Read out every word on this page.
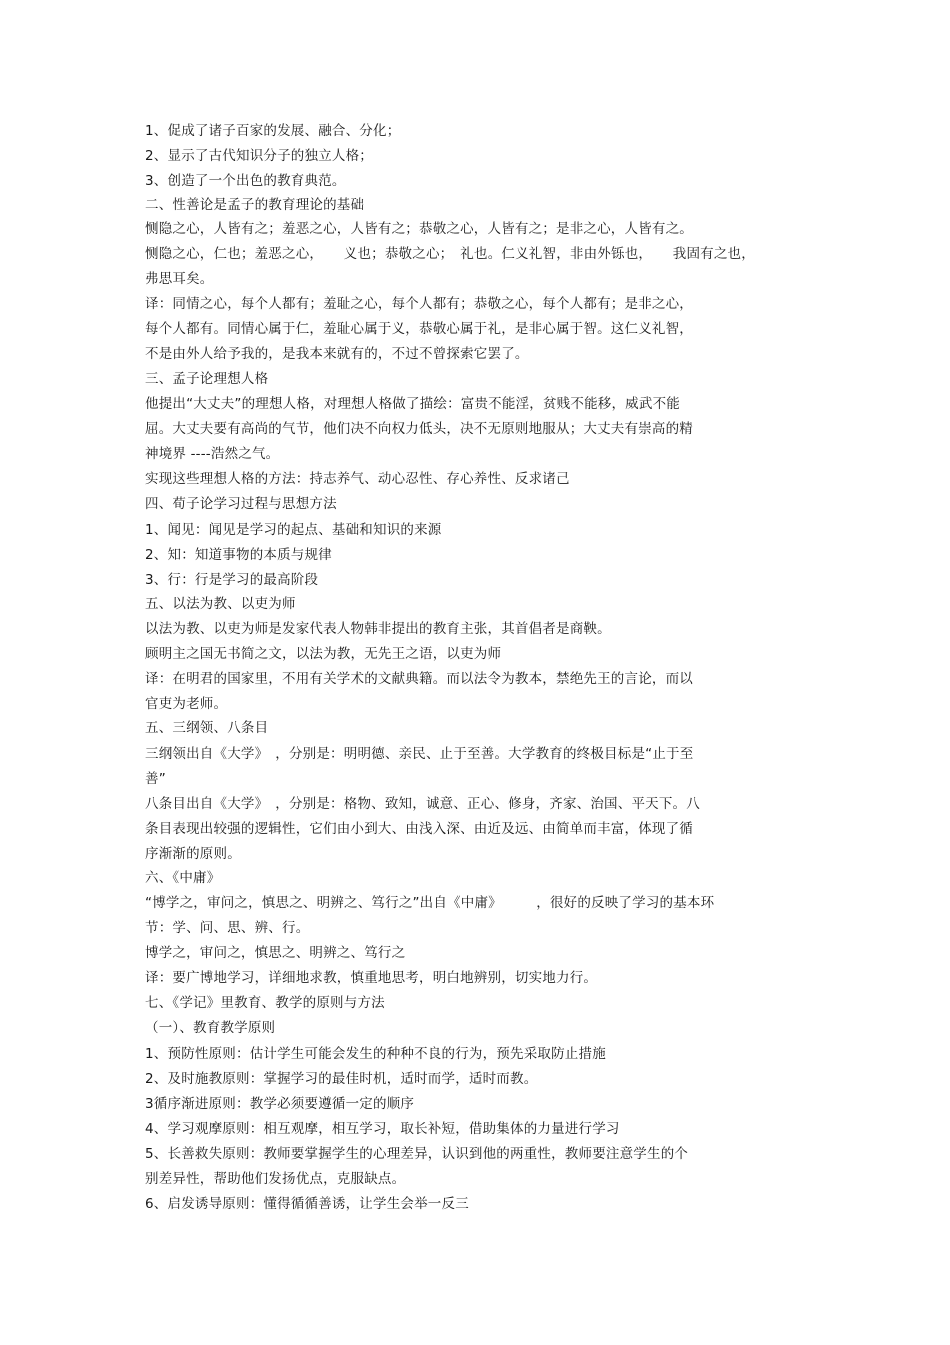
1、促成了诸子百家的发展、融合、分化；
2、显示了古代知识分子的独立人格；
3、创造了一个出色的教育典范。
二、性善论是孟子的教育理论的基础
恻隐之心，人皆有之；羞恶之心，人皆有之；恭敬之心，人皆有之；是非之心，人皆有之。
恻隐之心，仁也；羞恶之心，　　义也；恭敬之心；　礼也。仁义礼智，非由外铄也，　　我固有之也，
弗思耳矣。
译：同情之心，每个人都有；羞耻之心，每个人都有；恭敬之心，每个人都有；是非之心，
每个人都有。同情心属于仁，羞耻心属于义，恭敬心属于礼，是非心属于智。这仁义礼智，
不是由外人给予我的，是我本来就有的，不过不曾探索它罢了。
三、孟子论理想人格
他提出“大丈夫”的理想人格，对理想人格做了描绘：富贵不能淫，贫贱不能移，威武不能
屈。大丈夫要有高尚的气节，他们决不向权力低头，决不无原则地服从；大丈夫有崇高的精
神境界 ----浩然之气。
实现这些理想人格的方法：持志养气、动心忍性、存心养性、反求诸己
四、荀子论学习过程与思想方法
1、闻见：闻见是学习的起点、基础和知识的来源
2、知：知道事物的本质与规律
3、行：行是学习的最高阶段
五、以法为教、以吏为师
以法为教、以吏为师是发家代表人物韩非提出的教育主张，其首倡者是商鞅。
顾明主之国无书简之文，以法为教，无先王之语，以吏为师
译：在明君的国家里，不用有关学术的文献典籍。而以法令为教本，禁绝先王的言论，而以
官吏为老师。
五、三纲领、八条目
三纲领出自《大学》　，分别是：明明德、亲民、止于至善。大学教育的终极目标是“止于至
善”
八条目出自《大学》　，分别是：格物、致知，诚意、正心、修身，齐家、治国、平天下。八
条目表现出较强的逻辑性，它们由小到大、由浅入深、由近及远、由简单而丰富，体现了循
序渐渐的原则。
六、《中庸》
“博学之，审问之，慎思之、明辨之、笃行之”出自《中庸》　　　，很好的反映了学习的基本环
节：学、问、思、辨、行。
博学之，审问之，慎思之、明辨之、笃行之
译：要广博地学习，详细地求教，慎重地思考，明白地辨别，切实地力行。
七、《学记》里教育、教学的原则与方法
（一）、教育教学原则
1、预防性原则：估计学生可能会发生的种种不良的行为，预先采取防止措施
2、及时施教原则：掌握学习的最佳时机，适时而学，适时而教。
3循序渐进原则：教学必须要遵循一定的顺序
4、学习观摩原则：相互观摩，相互学习，取长补短，借助集体的力量进行学习
5、长善救失原则：教师要掌握学生的心理差异，认识到他的两重性，教师要注意学生的个
别差异性，帮助他们发扬优点，克服缺点。
6、启发诱导原则：懂得循循善诱，让学生会举一反三
